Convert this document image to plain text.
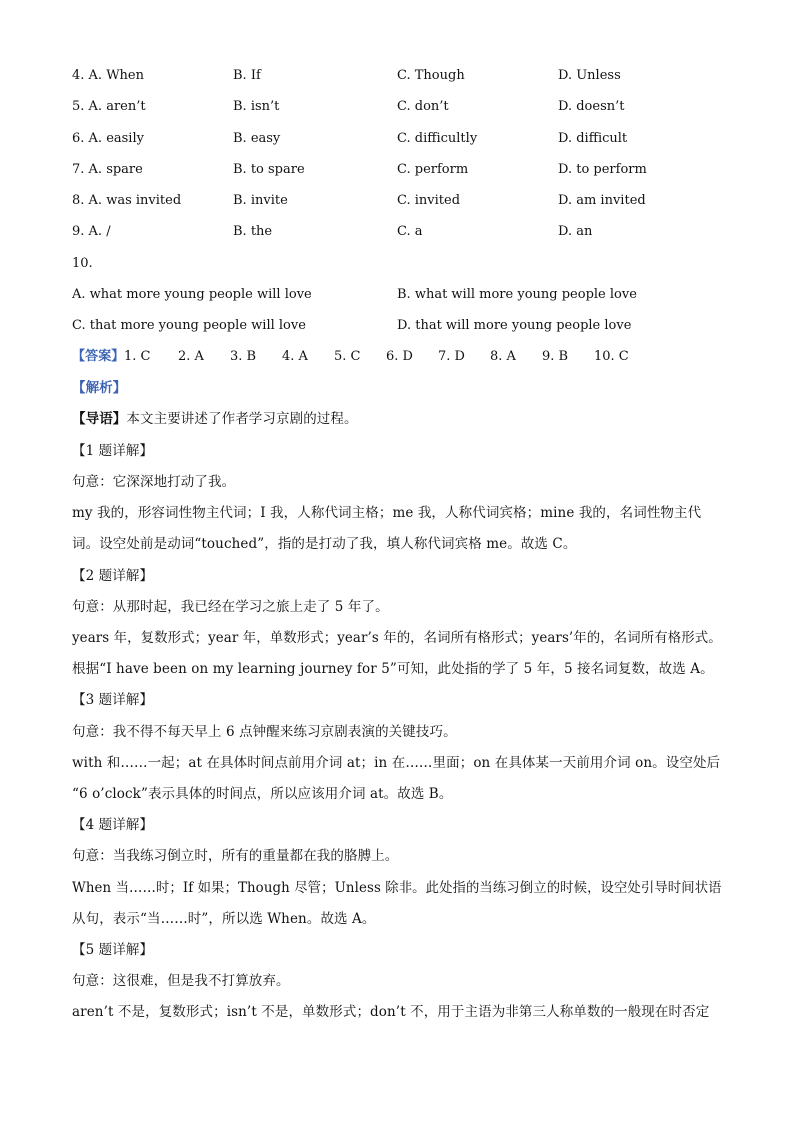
4. A. When	B. If	C. Though	D. Unless
5. A. aren’t	B. isn’t	C. don’t	D. doesn’t
6. A. easily	B. easy	C. difficultly	D. difficult
7. A. spare	B. to spare	C. perform	D. to perform
8. A. was invited	B. invite	C. invited	D. am invited
9. A. /	B. the	C. a	D. an
10.
A. what more young people will love	B. what will more young people love
C. that more young people will love	D. that will more young people love
【答案】 1. C 2. A 3. B 4. A 5. C 6. D 7. D 8. A 9. B 10. C
【解析】
【导语】本文主要讲述了作者学习京剧的过程。
【1 题详解】
句意：它深深地打动了我。
my 我的，形容词性物主代词；I 我，人称代词主格；me 我，人称代词宾格；mine 我的，名词性物主代
词。设空处前是动词“touched”，指的是打动了我，填人称代词宾格 me。故选 C。
【2 题详解】
句意：从那时起，我已经在学习之旅上走了 5 年了。
years 年，复数形式；year 年，单数形式；year’s 年的，名词所有格形式；years’年的，名词所有格形式。
根据“I have been on my learning journey for 5”可知，此处指的学了 5 年，5 接名词复数，故选 A。
【3 题详解】
句意：我不得不每天早上 6 点钟醒来练习京剧表演的关键技巧。
with 和……一起；at 在具体时间点前用介词 at；in 在……里面；on 在具体某一天前用介词 on。设空处后
“6 o’clock”表示具体的时间点，所以应该用介词 at。故选 B。
【4 题详解】
句意：当我练习倒立时，所有的重量都在我的胳膊上。
When 当……时；If 如果；Though 尽管；Unless 除非。此处指的当练习倒立的时候，设空处引导时间状语
从句，表示“当……时”，所以选 When。故选 A。
【5 题详解】
句意：这很难，但是我不打算放弃。
aren’t 不是，复数形式；isn’t 不是，单数形式；don’t 不，用于主语为非第三人称单数的一般现在时否定
